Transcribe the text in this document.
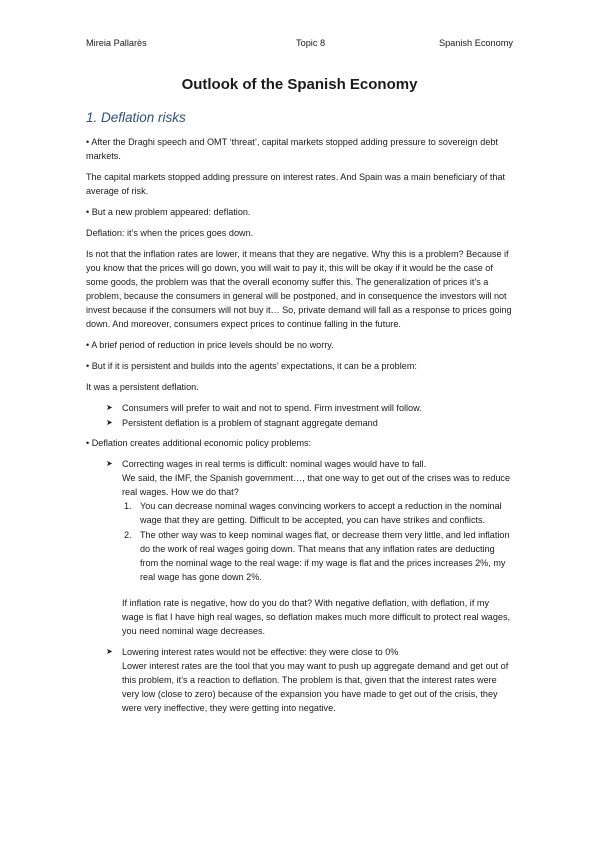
Mireia Pallarès	Topic 8	Spanish Economy
Outlook of the Spanish Economy
1. Deflation risks

• After the Draghi speech and OMT ‘threat’, capital markets stopped adding pressure to sovereign debt markets.

The capital markets stopped adding pressure on interest rates. And Spain was a main beneficiary of that average of risk.

• But a new problem appeared: deflation.

Deflation: it’s when the prices goes down.

Is not that the inflation rates are lower, it means that they are negative. Why this is a problem? Because if you know that the prices will go down, you will wait to pay it, this will be okay if it would be the case of some goods, the problem was that the overall economy suffer this. The generalization of prices it’s a problem, because the consumers in general will be postponed, and in consequence the investors will not invest because if the consumers will not buy it… So, private demand will fall as a response to prices going down. And moreover, consumers expect prices to continue falling in the future.

• A brief period of reduction in price levels should be no worry.

• But if it is persistent and builds into the agents’ expectations, it can be a problem:

It was a persistent deflation.

➤ Consumers will prefer to wait and not to spend. Firm investment will follow.
➤ Persistent deflation is a problem of stagnant aggregate demand

• Deflation creates additional economic policy problems:

➤ Correcting wages in real terms is difficult: nominal wages would have to fall.
We said, the IMF, the Spanish government…, that one way to get out of the crises was to reduce real wages. How we do that?
1. You can decrease nominal wages convincing workers to accept a reduction in the nominal wage that they are getting. Difficult to be accepted, you can have strikes and conflicts.
2. The other way was to keep nominal wages flat, or decrease them very little, and led inflation do the work of real wages going down. That means that any inflation rates are deducting from the nominal wage to the real wage: if my wage is flat and the prices increases 2%, my real wage has gone down 2%.
If inflation rate is negative, how do you do that? With negative deflation, with deflation, if my wage is flat I have high real wages, so deflation makes much more difficult to protect real wages, you need nominal wage decreases.
➤ Lowering interest rates would not be effective: they were close to 0%
Lower interest rates are the tool that you may want to push up aggregate demand and get out of this problem, it’s a reaction to deflation. The problem is that, given that the interest rates were very low (close to zero) because of the expansion you have made to get out of the crisis, they were very ineffective, they were getting into negative.
